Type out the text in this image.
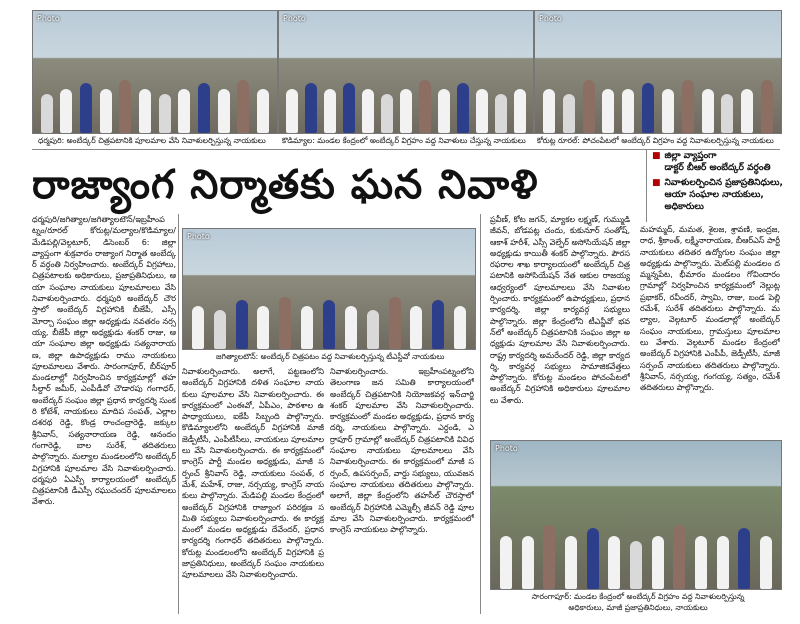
Photo	Photo	Photo
ధర్మపురి: అంబేద్కర్ చిత్రపటానికి పూలమాల వేసి నివాళులర్పిస్తున్న నాయకులు	కొడిమ్యాల: మండల కేంద్రంలో అంబేద్కర్ విగ్రహం వద్ద నివాళులు చేస్తున్న నాయకులు	కోరుట్ల రూరల్: పోచంపేటలో అంబేద్కర్ విగ్రహం వద్ద నివాళులర్పిస్తున్న నాయకులు
రాజ్యాంగ నిర్మాతకు ఘన నివాళి
■ జిల్లా వ్యాప్తంగా
డాక్టర్ బీఆర్ అంబేద్కర్ వర్ధంతి
■ నివాళులర్పించిన ప్రజాప్రతినిధులు,
ఆయా సంఘాల నాయకులు,
అధికారులు
ధర్మపురి/జగిత్యాల/జగిత్యాలటౌన్/ఇబ్రహీంపట్నం/రూరల్ కోరుట్ల/మల్యాల/కొడిమ్యాల/మేడిపల్లి/వెల్గటూర్, డిసెంబర్ 6: జిల్లా వ్యాప్తంగా శుక్రవారం రాజ్యాంగ నిర్మాత అంబేద్కర్ వర్ధంతి నిర్వహించారు. అంబేద్కర్ విగ్రహాలు, చిత్రపటాలకు అధికారులు, ప్రజాప్రతినిధులు, ఆయా సంఘాల నాయకులు పూలమాలలు వేసి నివాళులర్పించారు. ధర్మపురి అంబేద్కర్ చౌరస్తాలో అంబేద్కర్ విగ్రహానికి బీజేపీ, ఎస్సీ మోర్చా సంఘం జిల్లా అధ్యక్షుడు నవతరం నర్సయ్య, బీజేపీ జిల్లా అధ్యక్షుడు శంకర్ రాజు, ఆయా సంఘాల జిల్లా అధ్యక్షుడు సత్యనారాయణ, జిల్లా ఉపాధ్యక్షుడు రాము నాయకులు పూలమాలలు వేశారు. సారంగాపూర్, బీర్‌పూర్ మండలాల్లో నిర్వహించిన కార్యక్రమాల్లో తహసీల్దార్ జమీర్, ఎంపీడీవో చౌడారపు గంగాధర్, అంబేద్కర్ సంఘం జిల్లా ప్రధాన కార్యదర్శి సుంకరి కోటేశ్, నాయకులు మాదిప సంపత్, ఎల్లాల దశరథ రెడ్డి, కొండ్ర రాంచంద్రారెడ్డి, జక్కుల శ్రీనివాస్, సత్యనారాయణ రెడ్డి, ఆనందం గంగారెడ్డి, బాల సురేశ్, తదితరులు పాల్గొన్నారు. మల్యాల మండలంలోని అంబేద్కర్ విగ్రహానికి పూలమాల వేసి నివాళులర్పించారు. ధర్మపురి ఏఎస్పీ కార్యాలయంలో అంబేద్కర్ చిత్రపటానికి డీఎస్పీ రఘుచందర్ పూలమాలలు వేశారు.
Photo
జగిత్యాలటౌన్: అంబేద్కర్ చిత్రపటం వద్ద నివాళులర్పిస్తున్న టీఎస్టీవో నాయకులు
నివాళులర్పించారు. అలాగే, పట్టణంలోని అంబేద్కర్ విగ్రహానికి దళిత సంఘాల నాయకులు పూలమాల వేసి నివాళులర్పించారు. ఈ కార్యక్రమంలో ఎంఈవో, ఏపీఎం, పాఠశాల ఉపాధ్యాయులు, ఐకేపీ సిబ్బంది పాల్గొన్నారు. కొడిమ్యాలలోని అంబేద్కర్ విగ్రహానికి మాజీ జెడ్పీటీసీ, ఎంపీటీసీలు, నాయకులు పూలమాలలు వేసి నివాళులర్పించారు. ఈ కార్యక్రమంలో కాంగ్రెస్ పార్టీ మండల అధ్యక్షుడు, మాజీ సర్పంచ్ శ్రీనివాస్ రెడ్డి, నాయకులు సంపత్, రమేశ్, మహేశ్, రాజు, నర్సయ్య, కాంగ్రెస్ నాయకులు పాల్గొన్నారు. మేడిపల్లి మండల కేంద్రంలో అంబేద్కర్ విగ్రహానికి రాజ్యాంగ పరిరక్షణ సమితి సభ్యులు నివాళులర్పించారు. ఈ కార్యక్రమంలో మండల అధ్యక్షుడు దేవేందర్, ప్రధాన కార్యదర్శి గంగాధర్ తదితరులు పాల్గొన్నారు. కోరుట్ల మండలంలోని అంబేద్కర్ విగ్రహానికి ప్రజాప్రతినిధులు, అంబేద్కర్ సంఘం నాయకులు పూలమాలలు వేసి నివాళులర్పించారు.
ప్రవీణ్, కోట జగన్, మ్యాకల లక్ష్మణ్, గుమ్ముడి జీవన్, బోడపట్ల చందు, కుకునూర్ సంతోష్, ఆకాశ్ హరీశ్, ఎస్సీ వెల్ఫేర్ అసోసియేషన్ జిల్లా అధ్యక్షుడు కాయితీ శంకర్ పాల్గొన్నారు. పౌరసరఫరాల శాఖ కార్యాలయంలో అంబేద్కర్ చిత్రపటానికి అసోసియేషన్ నేత ఆకుల రాజయ్య ఆధ్వర్యంలో పూలమాలలు వేసి నివాళులర్పించారు. కార్యక్రమంలో ఉపాధ్యక్షులు, ప్రధాన కార్యదర్శి, జిల్లా కార్యవర్గ సభ్యులు పాల్గొన్నారు. జిల్లా కేంద్రంలోని టీఎన్జీవో భవన్‌లో అంబేద్కర్ చిత్రపటానికి సంఘం జిల్లా అధ్యక్షుడు పూలమాల వేసి నివాళులర్పించారు. రాష్ట్ర కార్యదర్శి అమరేందర్ రెడ్డి, జిల్లా కార్యదర్శి, కార్యవర్గ సభ్యులు సామాజికవేత్తలు పాల్గొన్నారు. కోరుట్ల మండలం పోచంపేటలో అంబేద్కర్ విగ్రహానికి అధికారులు పూలమాలలు వేశారు.
నివాళులర్పించారు. ఇబ్రహీంపట్నంలోని తెలంగాణ జన సమితి కార్యాలయంలో అంబేద్కర్ చిత్రపటానికి నియోజకవర్గ ఇన్‌చార్జి శంకర్ పూలమాల వేసి నివాళులర్పించారు. కార్యక్రమంలో మండల అధ్యక్షుడు, ప్రధాన కార్యదర్శి, నాయకులు పాల్గొన్నారు. ఎర్దండి, ఎర్రాపూర్ గ్రామాల్లో అంబేద్కర్ చిత్రపటానికి వివిధ సంఘాల నాయకులు పూలమాలలు వేసి నివాళులర్పించారు. ఈ కార్యక్రమంలో మాజీ సర్పంచ్, ఉపసర్పంచ్, వార్డు సభ్యులు, యువజన సంఘాల నాయకులు తదితరులు పాల్గొన్నారు. అలాగే, జిల్లా కేంద్రంలోని తహసీల్ చౌరస్తాలో అంబేద్కర్ విగ్రహానికి ఎమ్మెల్సీ జీవన్ రెడ్డి పూలమాల వేసి నివాళులర్పించారు. కార్యక్రమంలో కాంగ్రెస్ నాయకులు పాల్గొన్నారు.
మహమ్మద్, మమత, శైలజ, శ్రావణి, ఇంద్రజ, రాధ, శ్రీకాంత్, లక్ష్మీనారాయణ, బీఆర్ఎస్ పార్టీ నాయకులు తదితర ఉద్యోగుల సంఘం జిల్లా అధ్యక్షుడు పాల్గొన్నారు. మెట్‌పల్లి మండలం దమ్మన్నపేట, భీమారం మండలం గోవిందారం గ్రామాల్లో నిర్వహించిన కార్యక్రమంలో నెల్లుట్ల ప్రభాకర్, రవీందర్, స్వామి, రాజు, బండ పెల్లి రమేశ్, సురేశ్ తదితరులు పాల్గొన్నారు. మల్యాల, వెల్గటూర్ మండలాల్లో అంబేద్కర్ సంఘం నాయకులు, గ్రామస్తులు పూలమాలలు వేశారు. వెల్గటూర్ మండల కేంద్రంలో అంబేద్కర్ విగ్రహానికి ఎంపీపీ, జెడ్పీటీసీ, మాజీ సర్పంచ్ నాయకులు తదితరులు పాల్గొన్నారు. శ్రీనివాస్, నర్సయ్య, గంగయ్య, సత్యం, రమేశ్ తదితరులు పాల్గొన్నారు.
Photo
సారంగాపూర్: మండల కేంద్రంలో అంబేద్కర్ విగ్రహం వద్ద నివాళులర్పిస్తున్న
అధికారులు, మాజీ ప్రజాప్రతినిధులు, నాయకులు
